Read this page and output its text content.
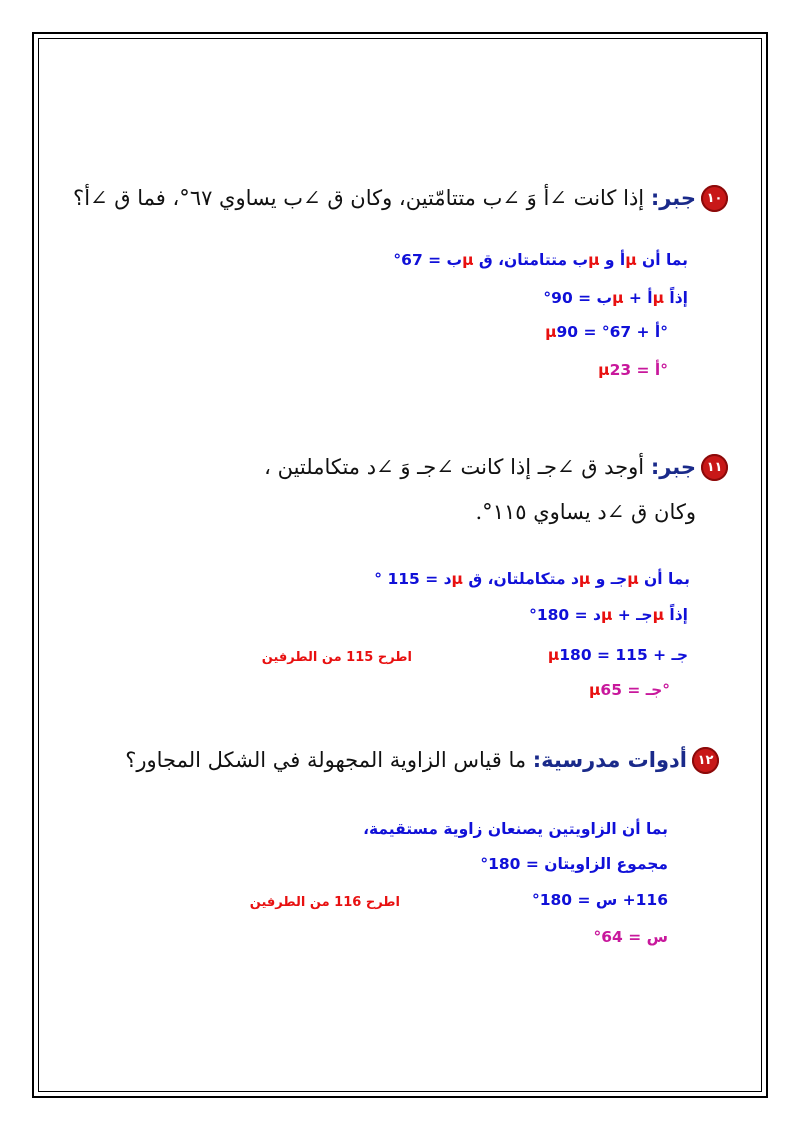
١٠
جبر: إذا كانت ∠أ وَ ∠ب متتامّتين، وكان ق ∠ب يساوي ٦٧°، فما ق ∠أ؟
بما أن µأ و µب متتامتان، ق µب = 67°
إذاً µأ + µب = 90°
µأ + 67° = 90°
µأ = 23°
١١
جبر: أوجد ق ∠جـ إذا كانت ∠جـ وَ ∠د متكاملتين ،
وكان ق ∠د يساوي ١١٥°.
بما أن µجـ و µد متكاملتان، ق µد = 115 °
إذاً µجـ + µد = 180°
µجـ + 115 = 180
اطرح 115 من الطرفين
µجـ = 65°
١٢
أدوات مدرسية: ما قياس الزاوية المجهولة في الشكل المجاور؟
بما أن الزاويتين يصنعان زاوية مستقيمة،
مجموع الزاويتان = 180°
116+ س = 180°
اطرح 116 من الطرفين
س = 64°
